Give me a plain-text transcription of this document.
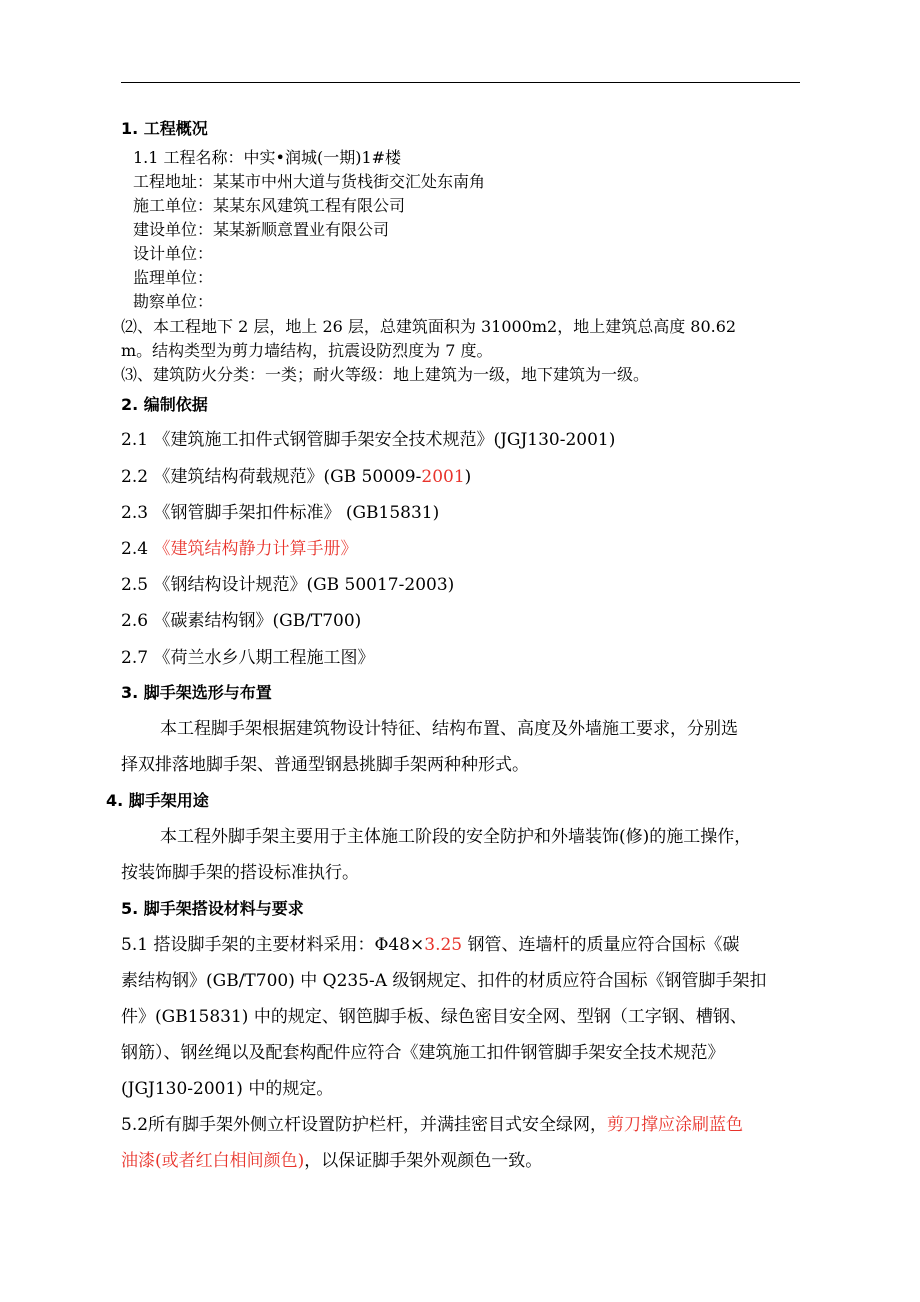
1. 工程概况
1.1 工程名称：中实•润城(一期)1#楼
工程地址：某某市中州大道与货栈街交汇处东南角
施工单位：某某东风建筑工程有限公司
建设单位：某某新顺意置业有限公司
设计单位：
监理单位：
勘察单位：
⑵、本工程地下 2 层，地上 26 层，总建筑面积为 31000m2，地上建筑总高度 80.62
m。结构类型为剪力墙结构，抗震设防烈度为 7 度。
⑶、建筑防火分类：一类；耐火等级：地上建筑为一级，地下建筑为一级。
2. 编制依据
2.1 《建筑施工扣件式钢管脚手架安全技术规范》(JGJ130-2001)
2.2 《建筑结构荷载规范》(GB 50009-2001)
2.3 《钢管脚手架扣件标准》 (GB15831)
2.4 《建筑结构静力计算手册》
2.5 《钢结构设计规范》(GB 50017-2003)
2.6 《碳素结构钢》(GB/T700)
2.7 《荷兰水乡八期工程施工图》
3. 脚手架选形与布置
本工程脚手架根据建筑物设计特征、结构布置、高度及外墙施工要求，分别选
择双排落地脚手架、普通型钢悬挑脚手架两种种形式。
4. 脚手架用途
本工程外脚手架主要用于主体施工阶段的安全防护和外墙装饰(修)的施工操作，
按装饰脚手架的搭设标准执行。
5. 脚手架搭设材料与要求
5.1 搭设脚手架的主要材料采用：Φ48×3.25 钢管、连墙杆的质量应符合国标《碳
素结构钢》(GB/T700) 中 Q235-A 级钢规定、扣件的材质应符合国标《钢管脚手架扣
件》(GB15831) 中的规定、钢笆脚手板、绿色密目安全网、型钢（工字钢、槽钢、
钢筋）、钢丝绳以及配套构配件应符合《建筑施工扣件钢管脚手架安全技术规范》
(JGJ130-2001) 中的规定。
5.2所有脚手架外侧立杆设置防护栏杆，并满挂密目式安全绿网，剪刀撑应涂刷蓝色
油漆(或者红白相间颜色)，以保证脚手架外观颜色一致。
